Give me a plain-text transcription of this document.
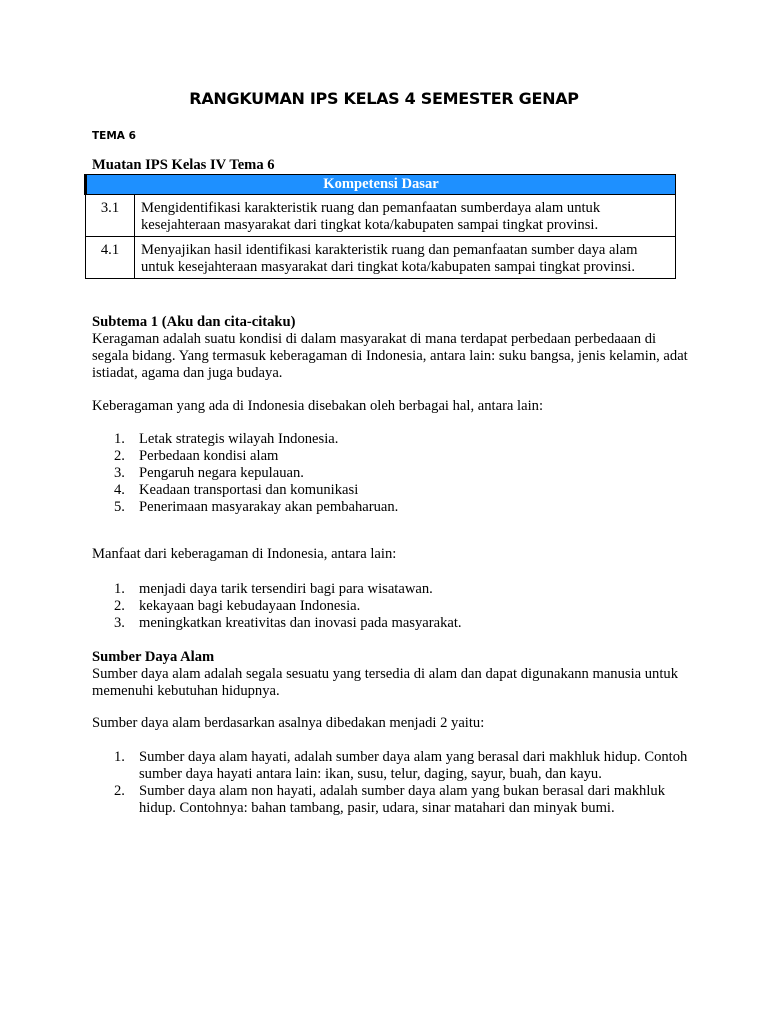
RANGKUMAN IPS KELAS 4 SEMESTER GENAP
TEMA 6
Muatan IPS Kelas IV Tema 6
Kompetensi Dasar	
3.1	Mengidentifikasi karakteristik ruang dan pemanfaatan sumberdaya alam untuk kesejahteraan masyarakat dari tingkat kota/kabupaten sampai tingkat provinsi.
4.1	Menyajikan hasil identifikasi karakteristik ruang dan pemanfaatan sumber daya alam untuk kesejahteraan masyarakat dari tingkat kota/kabupaten sampai tingkat provinsi.
Subtema 1 (Aku dan cita-citaku)
Keragaman adalah suatu kondisi di dalam masyarakat di mana terdapat perbedaan perbedaaan di segala bidang. Yang termasuk keberagaman di Indonesia, antara lain: suku bangsa, jenis kelamin, adat istiadat, agama dan juga budaya.
Keberagaman yang ada di Indonesia disebakan oleh berbagai hal, antara lain:
1. Letak strategis wilayah Indonesia.
2. Perbedaan kondisi alam
3. Pengaruh negara kepulauan.
4. Keadaan transportasi dan komunikasi
5. Penerimaan masyarakay akan pembaharuan.
Manfaat dari keberagaman di Indonesia, antara lain:
1. menjadi daya tarik tersendiri bagi para wisatawan.
2. kekayaan bagi kebudayaan Indonesia.
3. meningkatkan kreativitas dan inovasi pada masyarakat.
Sumber Daya Alam
Sumber daya alam adalah segala sesuatu yang tersedia di alam dan dapat digunakann manusia untuk memenuhi kebutuhan hidupnya.
Sumber daya alam berdasarkan asalnya dibedakan menjadi 2 yaitu:
1. Sumber daya alam hayati, adalah sumber daya alam yang berasal dari makhluk hidup. Contoh sumber daya hayati antara lain: ikan, susu, telur, daging, sayur, buah, dan kayu.
2. Sumber daya alam non hayati, adalah sumber daya alam yang bukan berasal dari makhluk hidup. Contohnya: bahan tambang, pasir, udara, sinar matahari dan minyak bumi.
